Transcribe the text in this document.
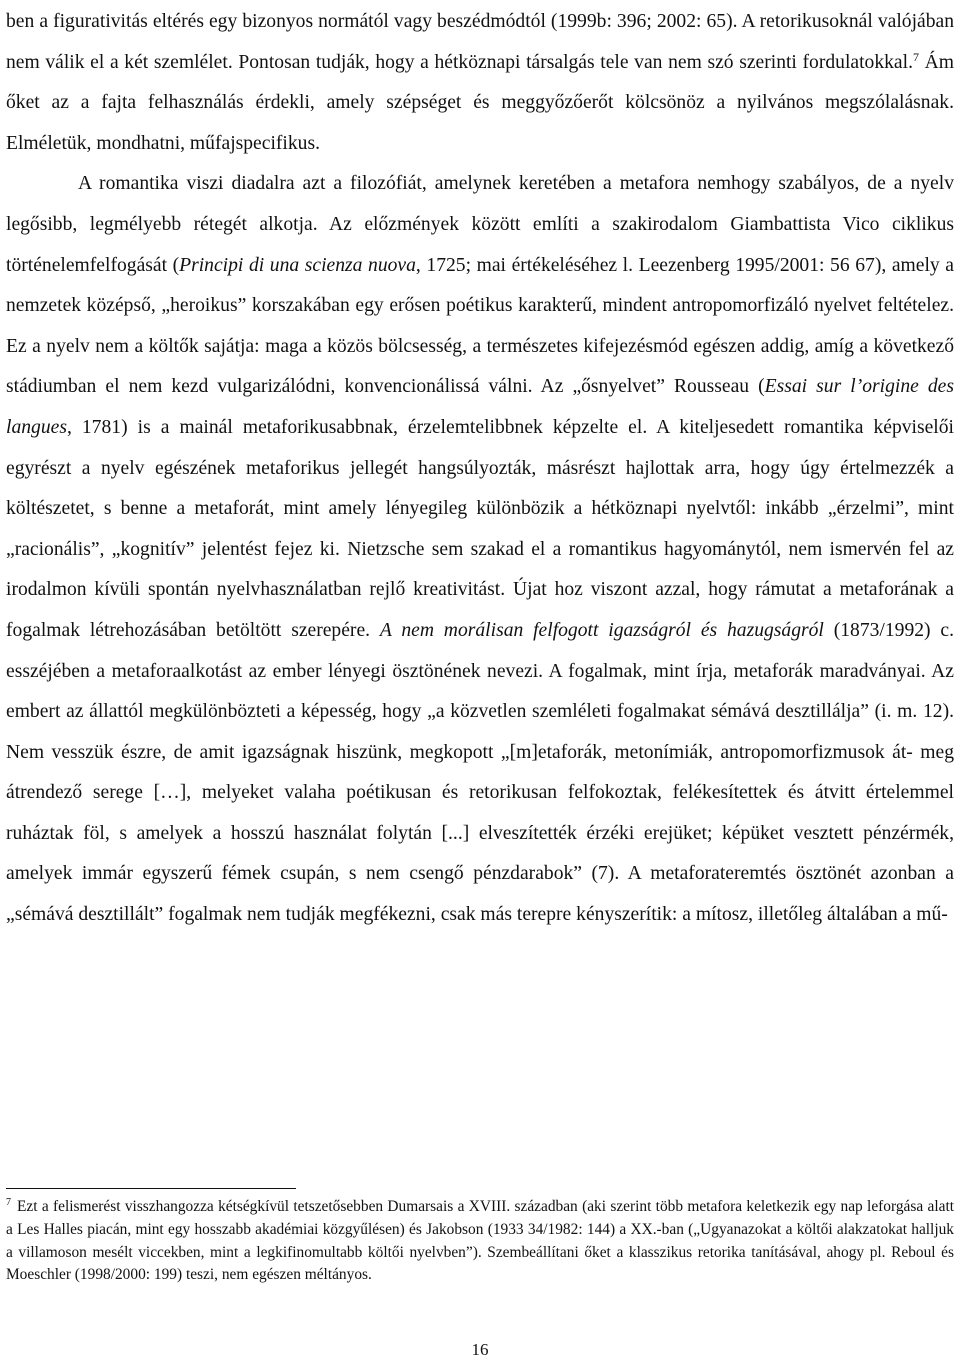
ben a figurativitás eltérés egy bizonyos normától vagy beszédmódtól (1999b: 396; 2002: 65). A retorikusoknál valójában nem válik el a két szemlélet. Pontosan tudják, hogy a hétköznapi társalgás tele van nem szó szerinti fordulatokkal.$^7$ Ám őket az a fajta felhasználás érdekli, amely szépséget és meggyőzőerőt kölcsönöz a nyilvános megszólalásnak. Elméletük, mondhatni, műfajspecifikus.

A romantika viszi diadalra azt a filozófiát, amelynek keretében a metafora nemhogy szabályos, de a nyelv legősibb, legmélyebb rétegét alkotja. Az előzmények között említi a szakirodalom Giambattista Vico ciklikus történelemfelfogását (Principi di una scienza nuova, 1725; mai értékeléséhez l. Leezenberg 1995/2001: 56 67), amely a nemzetek középső, „heroikus” korszakában egy erősen poétikus karakterű, mindent antropomorfizáló nyelvet feltételez. Ez a nyelv nem a költők sajátja: maga a közös bölcsesség, a természetes kifejezésmód egészen addig, amíg a következő stádiumban el nem kezd vulgarizálódni, konvencionálissá válni. Az „ősnyelvet” Rousseau (Essai sur l’origine des langues, 1781) is a mainál metaforikusabbnak, érzelemtelibbnek képzelte el. A kiteljesedett romantika képviselői egyrészt a nyelv egészének metaforikus jellegét hangsúlyozták, másrészt hajlottak arra, hogy úgy értelmezzék a költészetet, s benne a metaforát, mint amely lényegileg különbözik a hétköznapi nyelvtől: inkább „érzelmi”, mint „racionális”, „kognitív” jelentést fejez ki. Nietzsche sem szakad el a romantikus hagyománytól, nem ismervén fel az irodalmon kívüli spontán nyelvhasználatban rejlő kreativitást. Újat hoz viszont azzal, hogy rámutat a metaforának a fogalmak létrehozásában betöltött szerepére. A nem morálisan felfogott igazságról és hazugságról (1873/1992) c. esszéjében a metaforaalkotást az ember lényegi ösztönének nevezi. A fogalmak, mint írja, metaforák maradványai. Az embert az állattól megkülönbözteti a képesség, hogy „a közvetlen szemléleti fogalmakat sémává desztillálja” (i. m. 12). Nem vesszük észre, de amit igazságnak hiszünk, megkopott „[m]etaforák, metonímiák, antropomorfizmusok át- meg átrendező serege […], melyeket valaha poétikusan és retorikusan felfokoztak, felékesítettek és átvitt értelemmel ruháztak föl, s amelyek a hosszú használat folytán [...] elveszítették érzéki erejüket; képüket vesztett pénzérmék, amelyek immár egyszerű fémek csupán, s nem csengő pénzdarabok” (7). A metaforateremtés ösztönét azonban a „sémává desztillált” fogalmak nem tudják megfékezni, csak más terepre kényszerítik: a mítosz, illetőleg általában a mű-

$^7$ Ezt a felismerést visszhangozza kétségkívül tetszetősebben Dumarsais a XVIII. században (aki szerint több metafora keletkezik egy nap leforgása alatt a Les Halles piacán, mint egy hosszabb akadémiai közgyűlésen) és Jakobson (1933 34/1982: 144) a XX.-ban („Ugyanazokat a költői alakzatokat halljuk a villamoson mesélt viccekben, mint a legkifinomultabb költői nyelvben”). Szembeállítani őket a klasszikus retorika tanításával, ahogy pl. Reboul és Moeschler (1998/2000: 199) teszi, nem egészen méltányos.

16
